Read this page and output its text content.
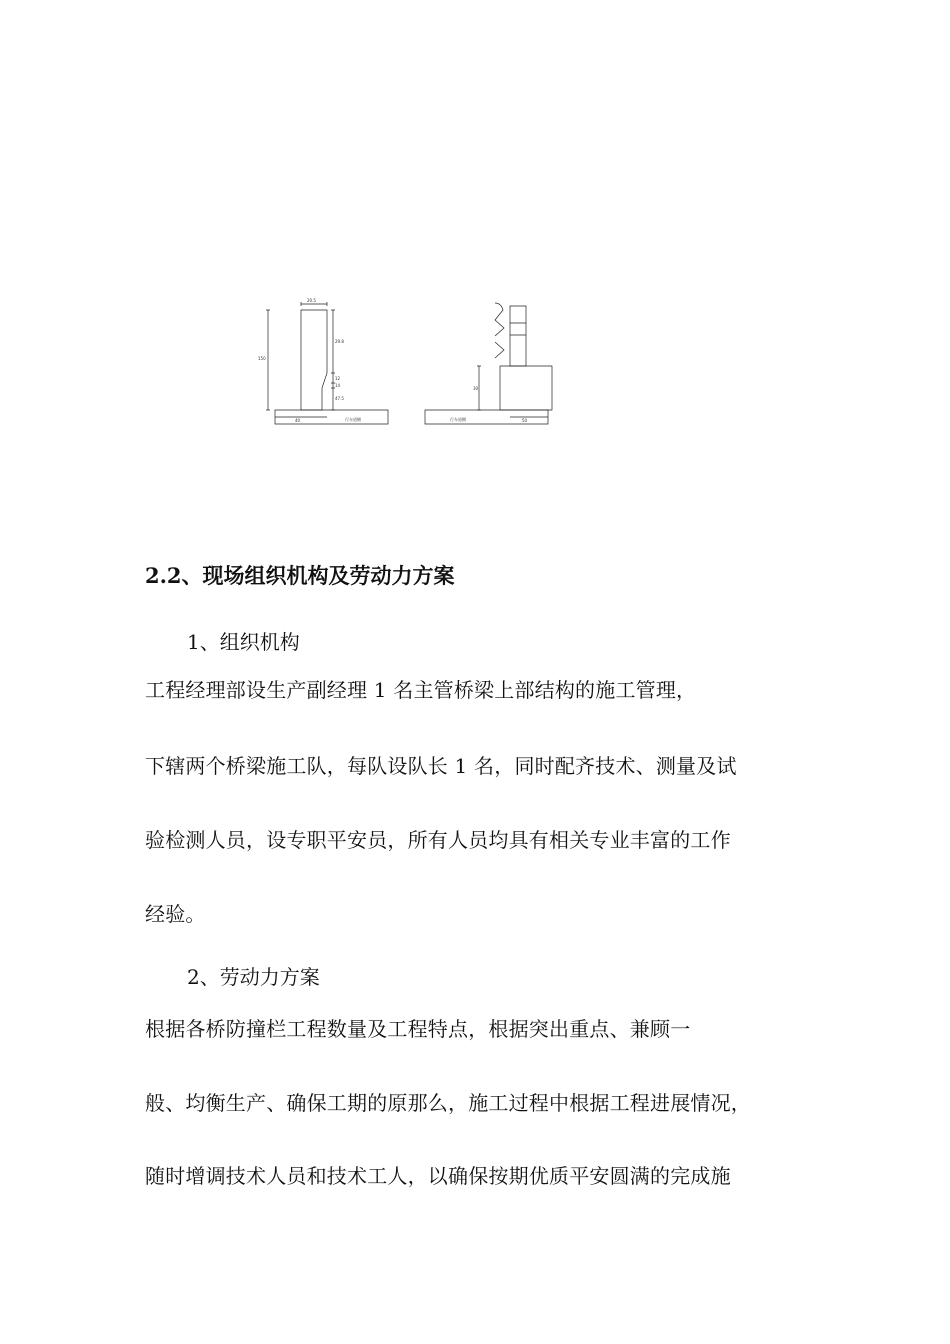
20.5
150
29.8
12
14
47.5
40	行车道侧
30
50
行车道侧
2.2、现场组织机构及劳动力方案
1、组织机构
工程经理部设生产副经理 1 名主管桥梁上部结构的施工管理，
下辖两个桥梁施工队，每队设队长 1 名，同时配齐技术、测量及试
验检测人员，设专职平安员，所有人员均具有相关专业丰富的工作
经验。
2、劳动力方案
根据各桥防撞栏工程数量及工程特点，根据突出重点、兼顾一
般、均衡生产、确保工期的原那么，施工过程中根据工程进展情况，
随时增调技术人员和技术工人，以确保按期优质平安圆满的完成施
